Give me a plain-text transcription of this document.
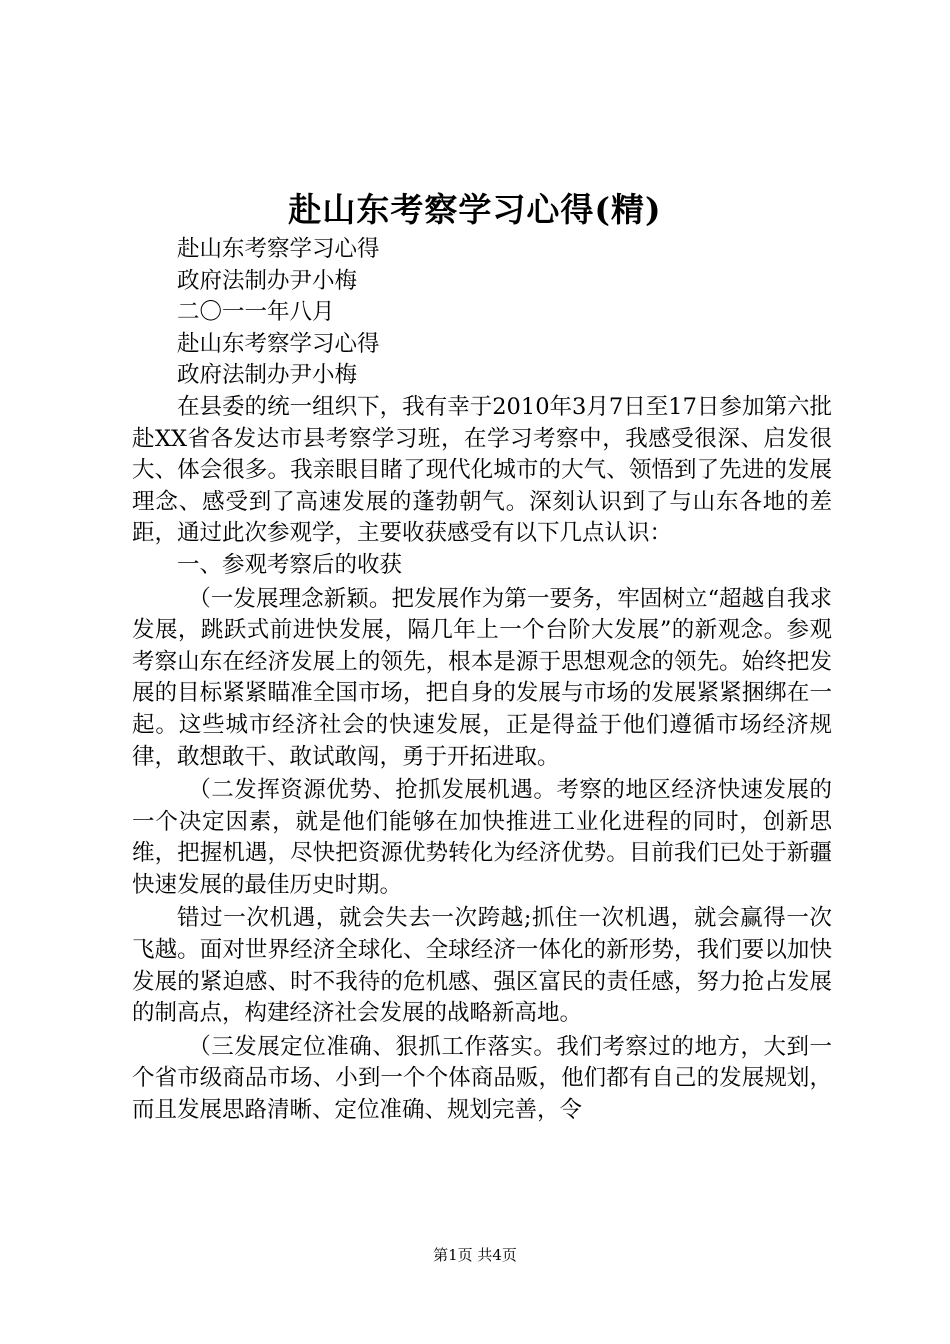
赴山东考察学习心得(精)

赴山东考察学习心得

政府法制办尹小梅

二〇一一年八月

赴山东考察学习心得

政府法制办尹小梅

在县委的统一组织下，我有幸于2010年3月7日至17日参加第六批赴XX省各发达市县考察学习班，在学习考察中，我感受很深、启发很大、体会很多。我亲眼目睹了现代化城市的大气、领悟到了先进的发展理念、感受到了高速发展的蓬勃朝气。深刻认识到了与山东各地的差距，通过此次参观学，主要收获感受有以下几点认识：

一、参观考察后的收获

（一发展理念新颖。把发展作为第一要务，牢固树立“超越自我求发展，跳跃式前进快发展，隔几年上一个台阶大发展”的新观念。参观考察山东在经济发展上的领先，根本是源于思想观念的领先。始终把发展的目标紧紧瞄准全国市场，把自身的发展与市场的发展紧紧捆绑在一起。这些城市经济社会的快速发展，正是得益于他们遵循市场经济规律，敢想敢干、敢试敢闯，勇于开拓进取。

（二发挥资源优势、抢抓发展机遇。考察的地区经济快速发展的一个决定因素，就是他们能够在加快推进工业化进程的同时，创新思维，把握机遇，尽快把资源优势转化为经济优势。目前我们已处于新疆快速发展的最佳历史时期。

错过一次机遇，就会失去一次跨越;抓住一次机遇，就会赢得一次飞越。面对世界经济全球化、全球经济一体化的新形势，我们要以加快发展的紧迫感、时不我待的危机感、强区富民的责任感，努力抢占发展的制高点，构建经济社会发展的战略新高地。

（三发展定位准确、狠抓工作落实。我们考察过的地方，大到一个省市级商品市场、小到一个个体商品贩，他们都有自己的发展规划，而且发展思路清晰、定位准确、规划完善，令

第1页 共4页
